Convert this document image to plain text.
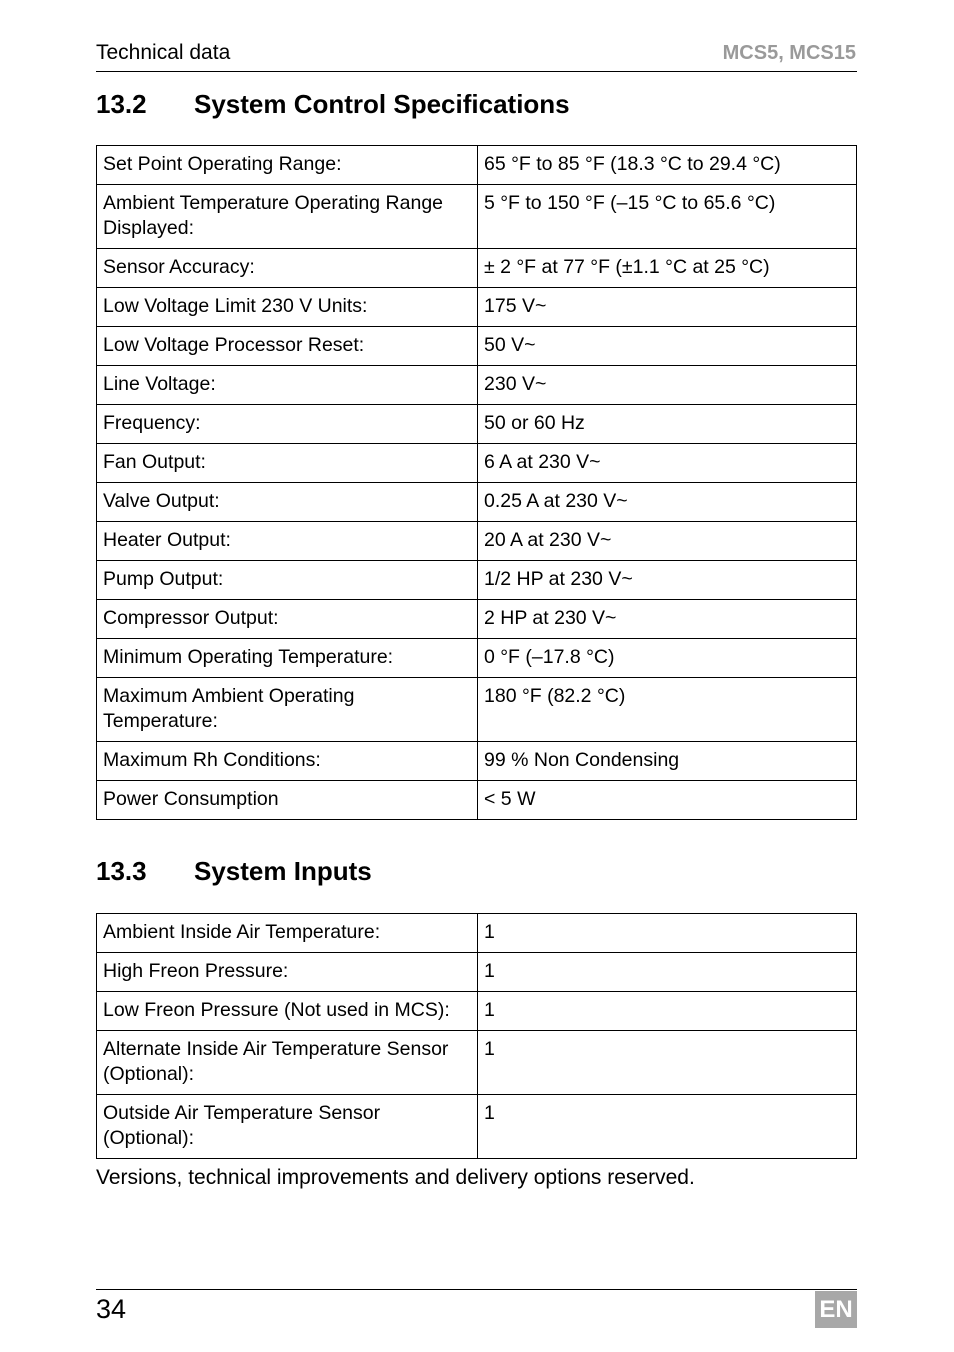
Technical data	MCS5, MCS15
13.2 System Control Specifications
Set Point Operating Range:	65 °F to 85 °F (18.3 °C to 29.4 °C)
Ambient Temperature Operating Range Displayed:	5 °F to 150 °F (–15 °C to 65.6 °C)
Sensor Accuracy:	± 2 °F at 77 °F (±1.1 °C at 25 °C)
Low Voltage Limit 230 V Units:	175 V~
Low Voltage Processor Reset:	50 V~
Line Voltage:	230 V~
Frequency:	50 or 60 Hz
Fan Output:	6 A at 230 V~
Valve Output:	0.25 A at 230 V~
Heater Output:	20 A at 230 V~
Pump Output:	1/2 HP at 230 V~
Compressor Output:	2 HP at 230 V~
Minimum Operating Temperature:	0 °F (–17.8 °C)
Maximum Ambient Operating Temperature:	180 °F (82.2 °C)
Maximum Rh Conditions:	99 % Non Condensing
Power Consumption	< 5 W
13.3 System Inputs
Ambient Inside Air Temperature:	1
High Freon Pressure:	1
Low Freon Pressure (Not used in MCS):	1
Alternate Inside Air Temperature Sensor (Optional):	1
Outside Air Temperature Sensor (Optional):	1
Versions, technical improvements and delivery options reserved.
34	EN
